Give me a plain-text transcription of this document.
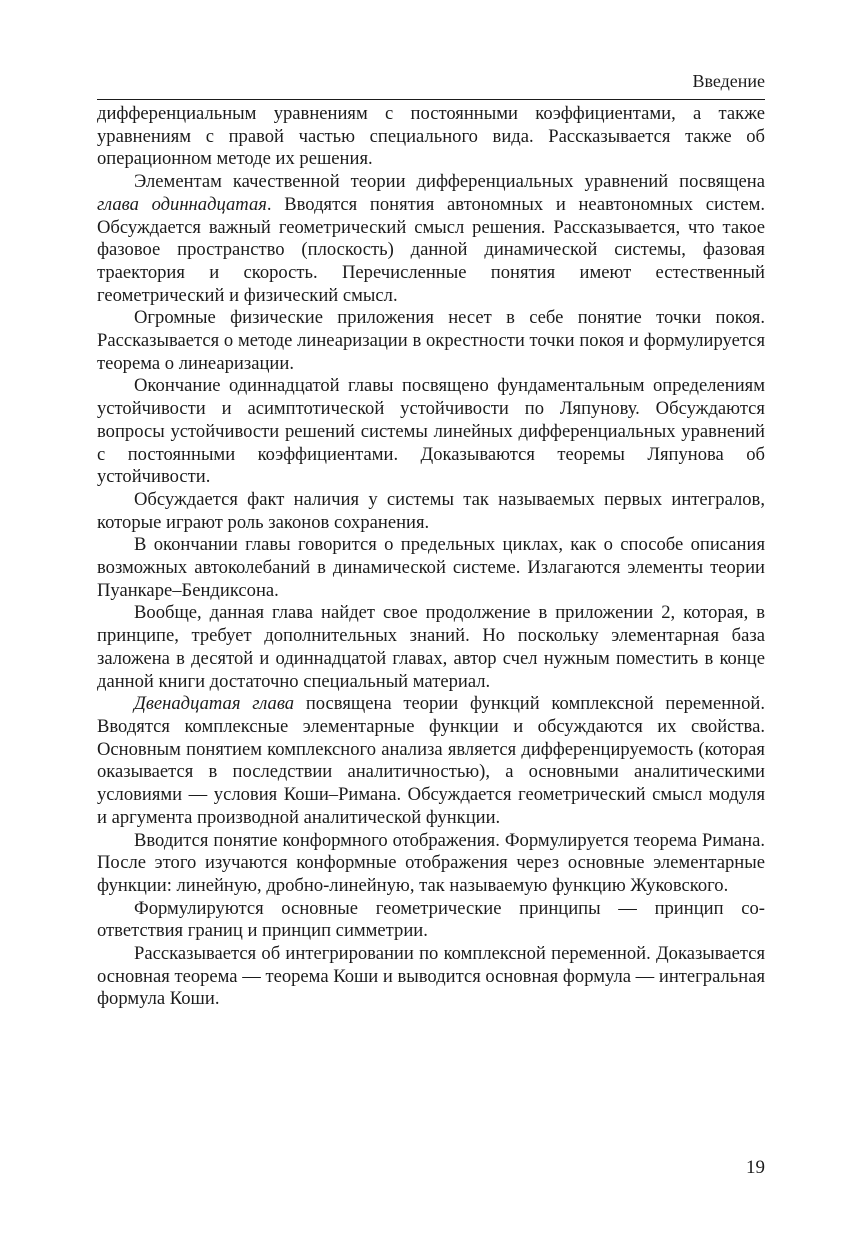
Введение

дифференциальным уравнениям с постоянными коэффициентами, а также уравнениям с правой частью специального вида. Рассказывается также об операционном методе их решения.

Элементам качественной теории дифференциальных уравнений посвящена глава одиннадцатая. Вводятся понятия автономных и неавтономных систем. Обсуждается важный геометрический смысл решения. Рассказывается, что такое фазовое пространство (плоскость) данной динамической системы, фазовая траектория и скорость. Перечисленные понятия имеют естественный геометрический и физический смысл.

Огромные физические приложения несет в себе понятие точки покоя. Рассказывается о методе линеаризации в окрестности точки покоя и формулируется теорема о линеаризации.

Окончание одиннадцатой главы посвящено фундаментальным определениям устойчивости и асимптотической устойчивости по Ляпунову. Обсуждаются вопросы устойчивости решений системы линейных дифференциальных уравнений с постоянными коэффициентами. Доказываются теоремы Ляпунова об устойчивости.

Обсуждается факт наличия у системы так называемых первых интегралов, которые играют роль законов сохранения.

В окончании главы говорится о предельных циклах, как о способе описания возможных автоколебаний в динамической системе. Излагаются элементы теории Пуанкаре–Бендиксона.

Вообще, данная глава найдет свое продолжение в приложении 2, которая, в принципе, требует дополнительных знаний. Но поскольку элементарная база заложена в десятой и одиннадцатой главах, автор счел нужным поместить в конце данной книги достаточно специальный материал.

Двенадцатая глава посвящена теории функций комплексной переменной. Вводятся комплексные элементарные функции и обсуждаются их свойства. Основным понятием комплексного анализа является дифференцируемость (которая оказывается в последствии аналитичностью), а основными аналитическими условиями — условия Коши–Римана. Обсуждается геометрический смысл модуля и аргумента производной аналитической функции.

Вводится понятие конформного отображения. Формулируется теорема Римана. После этого изучаются конформные отображения через основные элементарные функции: линейную, дробно-линейную, так называемую функцию Жуковского.

Формулируются основные геометрические принципы — принцип соответствия границ и принцип симметрии.

Рассказывается об интегрировании по комплексной переменной. Доказывается основная теорема — теорема Коши и выводится основная формула — интегральная формула Коши.

19
